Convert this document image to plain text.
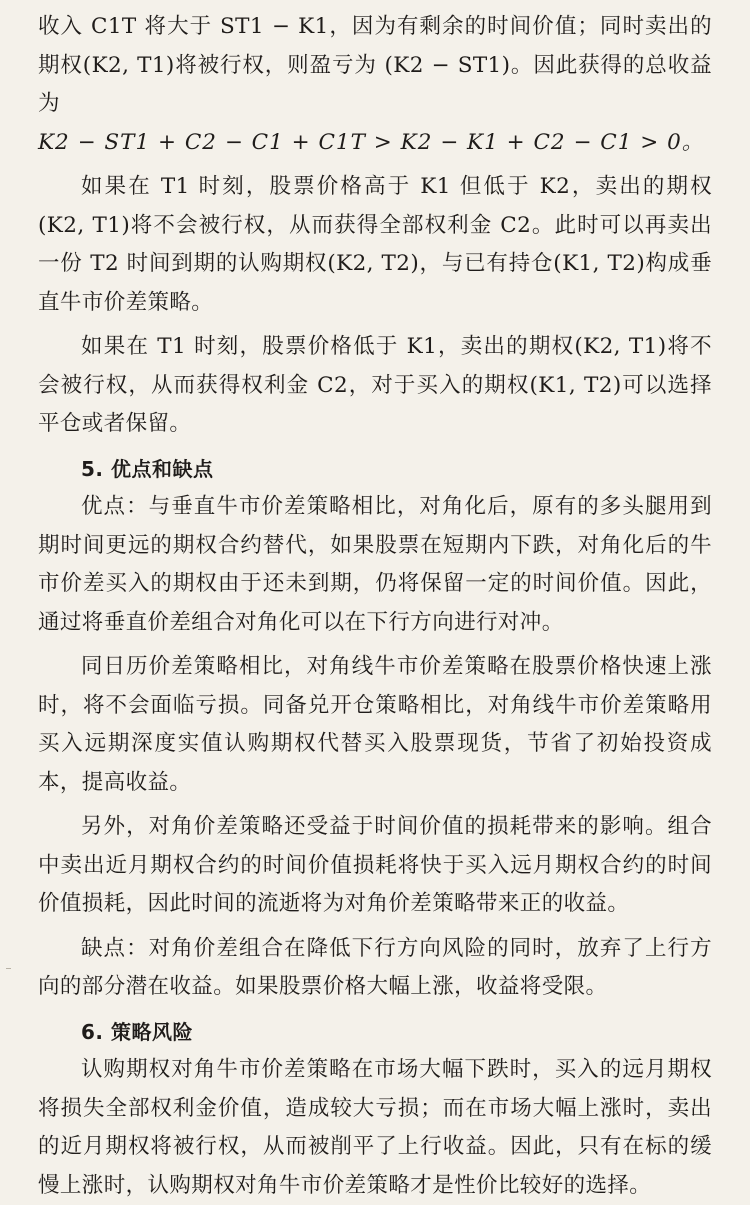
收入 C1T 将大于 ST1 − K1，因为有剩余的时间价值；同时卖出的期权(K2, T1)将被行权，则盈亏为 (K2 − ST1)。因此获得的总收益为

K2 − ST1 + C2 − C1 + C1T > K2 − K1 + C2 − C1 > 0。

如果在 T1 时刻，股票价格高于 K1 但低于 K2，卖出的期权(K2, T1)将不会被行权，从而获得全部权利金 C2。此时可以再卖出一份 T2 时间到期的认购期权(K2, T2)，与已有持仓(K1, T2)构成垂直牛市价差策略。

如果在 T1 时刻，股票价格低于 K1，卖出的期权(K2, T1)将不会被行权，从而获得权利金 C2，对于买入的期权(K1, T2)可以选择平仓或者保留。

5. 优点和缺点

优点：与垂直牛市价差策略相比，对角化后，原有的多头腿用到期时间更远的期权合约替代，如果股票在短期内下跌，对角化后的牛市价差买入的期权由于还未到期，仍将保留一定的时间价值。因此，通过将垂直价差组合对角化可以在下行方向进行对冲。

同日历价差策略相比，对角线牛市价差策略在股票价格快速上涨时，将不会面临亏损。同备兑开仓策略相比，对角线牛市价差策略用买入远期深度实值认购期权代替买入股票现货，节省了初始投资成本，提高收益。

另外，对角价差策略还受益于时间价值的损耗带来的影响。组合中卖出近月期权合约的时间价值损耗将快于买入远月期权合约的时间价值损耗，因此时间的流逝将为对角价差策略带来正的收益。

缺点：对角价差组合在降低下行方向风险的同时，放弃了上行方向的部分潜在收益。如果股票价格大幅上涨，收益将受限。

6. 策略风险

认购期权对角牛市价差策略在市场大幅下跌时，买入的远月期权将损失全部权利金价值，造成较大亏损；而在市场大幅上涨时，卖出的近月期权将被行权，从而被削平了上行收益。因此，只有在标的缓慢上涨时，认购期权对角牛市价差策略才是性价比较好的选择。
